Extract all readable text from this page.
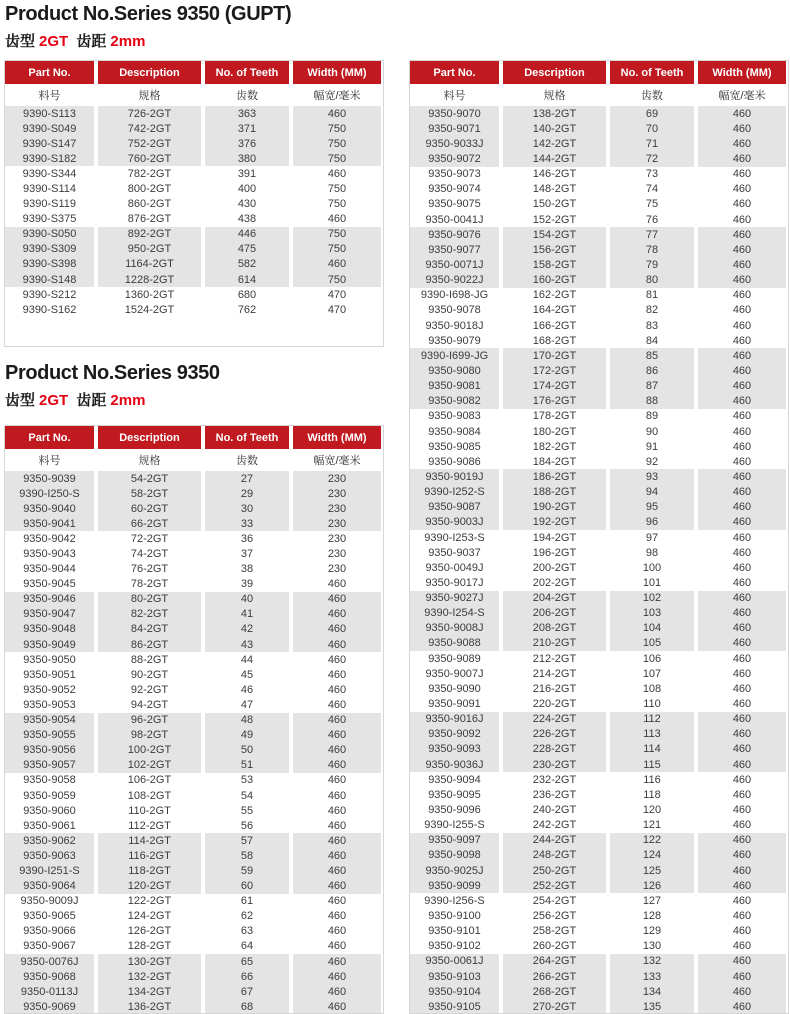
Product No.Series 9350 (GUPT)
齿型 2GT 齿距 2mm
Part No.	Description	No. of Teeth	Width (MM)
料号	规格	齿数	幅宽/毫米
9390-S113	726-2GT	363	460
9390-S049	742-2GT	371	750
9390-S147	752-2GT	376	750
9390-S182	760-2GT	380	750
9390-S344	782-2GT	391	460
9390-S114	800-2GT	400	750
9390-S119	860-2GT	430	750
9390-S375	876-2GT	438	460
9390-S050	892-2GT	446	750
9390-S309	950-2GT	475	750
9390-S398	1164-2GT	582	460
9390-S148	1228-2GT	614	750
9390-S212	1360-2GT	680	470
9390-S162	1524-2GT	762	470
Product No.Series 9350
齿型 2GT 齿距 2mm
Part No.	Description	No. of Teeth	Width (MM)
料号	规格	齿数	幅宽/毫米
9350-9039	54-2GT	27	230
9390-I250-S	58-2GT	29	230
9350-9040	60-2GT	30	230
9350-9041	66-2GT	33	230
9350-9042	72-2GT	36	230
9350-9043	74-2GT	37	230
9350-9044	76-2GT	38	230
9350-9045	78-2GT	39	460
9350-9046	80-2GT	40	460
9350-9047	82-2GT	41	460
9350-9048	84-2GT	42	460
9350-9049	86-2GT	43	460
9350-9050	88-2GT	44	460
9350-9051	90-2GT	45	460
9350-9052	92-2GT	46	460
9350-9053	94-2GT	47	460
9350-9054	96-2GT	48	460
9350-9055	98-2GT	49	460
9350-9056	100-2GT	50	460
9350-9057	102-2GT	51	460
9350-9058	106-2GT	53	460
9350-9059	108-2GT	54	460
9350-9060	110-2GT	55	460
9350-9061	112-2GT	56	460
9350-9062	114-2GT	57	460
9350-9063	116-2GT	58	460
9390-I251-S	118-2GT	59	460
9350-9064	120-2GT	60	460
9350-9009J	122-2GT	61	460
9350-9065	124-2GT	62	460
9350-9066	126-2GT	63	460
9350-9067	128-2GT	64	460
9350-0076J	130-2GT	65	460
9350-9068	132-2GT	66	460
9350-0113J	134-2GT	67	460
9350-9069	136-2GT	68	460
Part No.	Description	No. of Teeth	Width (MM)
料号	规格	齿数	幅宽/毫米
9350-9070	138-2GT	69	460
9350-9071	140-2GT	70	460
9350-9033J	142-2GT	71	460
9350-9072	144-2GT	72	460
9350-9073	146-2GT	73	460
9350-9074	148-2GT	74	460
9350-9075	150-2GT	75	460
9350-0041J	152-2GT	76	460
9350-9076	154-2GT	77	460
9350-9077	156-2GT	78	460
9350-0071J	158-2GT	79	460
9350-9022J	160-2GT	80	460
9390-I698-JG	162-2GT	81	460
9350-9078	164-2GT	82	460
9350-9018J	166-2GT	83	460
9350-9079	168-2GT	84	460
9390-I699-JG	170-2GT	85	460
9350-9080	172-2GT	86	460
9350-9081	174-2GT	87	460
9350-9082	176-2GT	88	460
9350-9083	178-2GT	89	460
9350-9084	180-2GT	90	460
9350-9085	182-2GT	91	460
9350-9086	184-2GT	92	460
9350-9019J	186-2GT	93	460
9390-I252-S	188-2GT	94	460
9350-9087	190-2GT	95	460
9350-9003J	192-2GT	96	460
9390-I253-S	194-2GT	97	460
9350-9037	196-2GT	98	460
9350-0049J	200-2GT	100	460
9350-9017J	202-2GT	101	460
9350-9027J	204-2GT	102	460
9390-I254-S	206-2GT	103	460
9350-9008J	208-2GT	104	460
9350-9088	210-2GT	105	460
9350-9089	212-2GT	106	460
9350-9007J	214-2GT	107	460
9350-9090	216-2GT	108	460
9350-9091	220-2GT	110	460
9350-9016J	224-2GT	112	460
9350-9092	226-2GT	113	460
9350-9093	228-2GT	114	460
9350-9036J	230-2GT	115	460
9350-9094	232-2GT	116	460
9350-9095	236-2GT	118	460
9350-9096	240-2GT	120	460
9390-I255-S	242-2GT	121	460
9350-9097	244-2GT	122	460
9350-9098	248-2GT	124	460
9350-9025J	250-2GT	125	460
9350-9099	252-2GT	126	460
9390-I256-S	254-2GT	127	460
9350-9100	256-2GT	128	460
9350-9101	258-2GT	129	460
9350-9102	260-2GT	130	460
9350-0061J	264-2GT	132	460
9350-9103	266-2GT	133	460
9350-9104	268-2GT	134	460
9350-9105	270-2GT	135	460
